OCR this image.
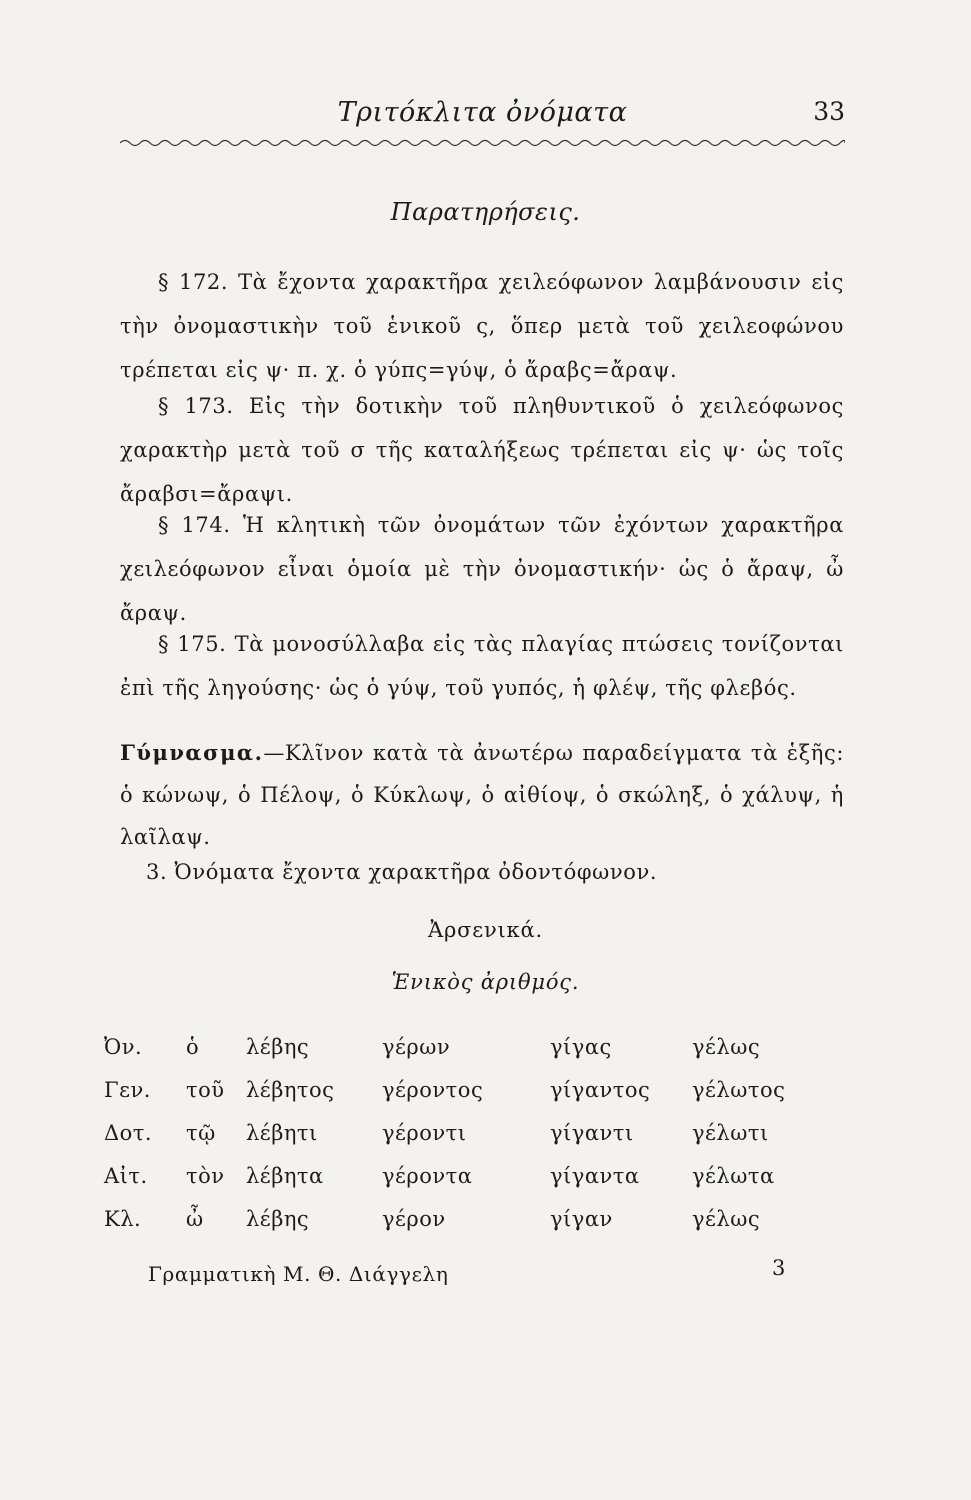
Τριτόκλιτα ὀνόματα	33
Παρατηρήσεις.
§ 172. Τὰ ἔχοντα χαρακτῆρα χειλεόφωνον λαμβάνουσιν εἰς τὴν ὀνομαστικὴν τοῦ ἑνικοῦ ς, ὅπερ μετὰ τοῦ χειλεοφώνου τρέπεται εἰς ψ· π. χ. ὁ γύπς=γύψ, ὁ ἄραβς=ἄραψ.
§ 173. Εἰς τὴν δοτικὴν τοῦ πληθυντικοῦ ὁ χειλεόφωνος χαρακτὴρ μετὰ τοῦ σ τῆς καταλήξεως τρέπεται εἰς ψ· ὡς τοῖς ἄραβσι=ἄραψι.
§ 174. Ἡ κλητικὴ τῶν ὀνομάτων τῶν ἐχόντων χαρακτῆρα χειλεόφωνον εἶναι ὁμοία μὲ τὴν ὀνομαστικήν· ὡς ὁ ἄραψ, ὦ ἄραψ.
§ 175. Τὰ μονοσύλλαβα εἰς τὰς πλαγίας πτώσεις τονίζονται ἐπὶ τῆς ληγούσης· ὡς ὁ γύψ, τοῦ γυπός, ἡ φλέψ, τῆς φλεβός.
Γύμνασμα.—Κλῖνον κατὰ τὰ ἀνωτέρω παραδείγματα τὰ ἑξῆς: ὁ κώνωψ, ὁ Πέλοψ, ὁ Κύκλωψ, ὁ αἰθίοψ, ὁ σκώληξ, ὁ χάλυψ, ἡ λαῖλαψ.
3. Ὀνόματα ἔχοντα χαρακτῆρα ὀδοντόφωνον.
Ἀρσενικά.
Ἑνικὸς ἀριθμός.
Ὀν.	ὁ	λέβης	γέρων	γίγας	γέλως
Γεν.	τοῦ	λέβητος	γέροντος	γίγαντος	γέλωτος
Δοτ.	τῷ	λέβητι	γέροντι	γίγαντι	γέλωτι
Αἰτ.	τὸν	λέβητα	γέροντα	γίγαντα	γέλωτα
Κλ.	ὦ	λέβης	γέρον	γίγαν	γέλως
Γραμματικὴ Μ. Θ. Διάγγελη	3
